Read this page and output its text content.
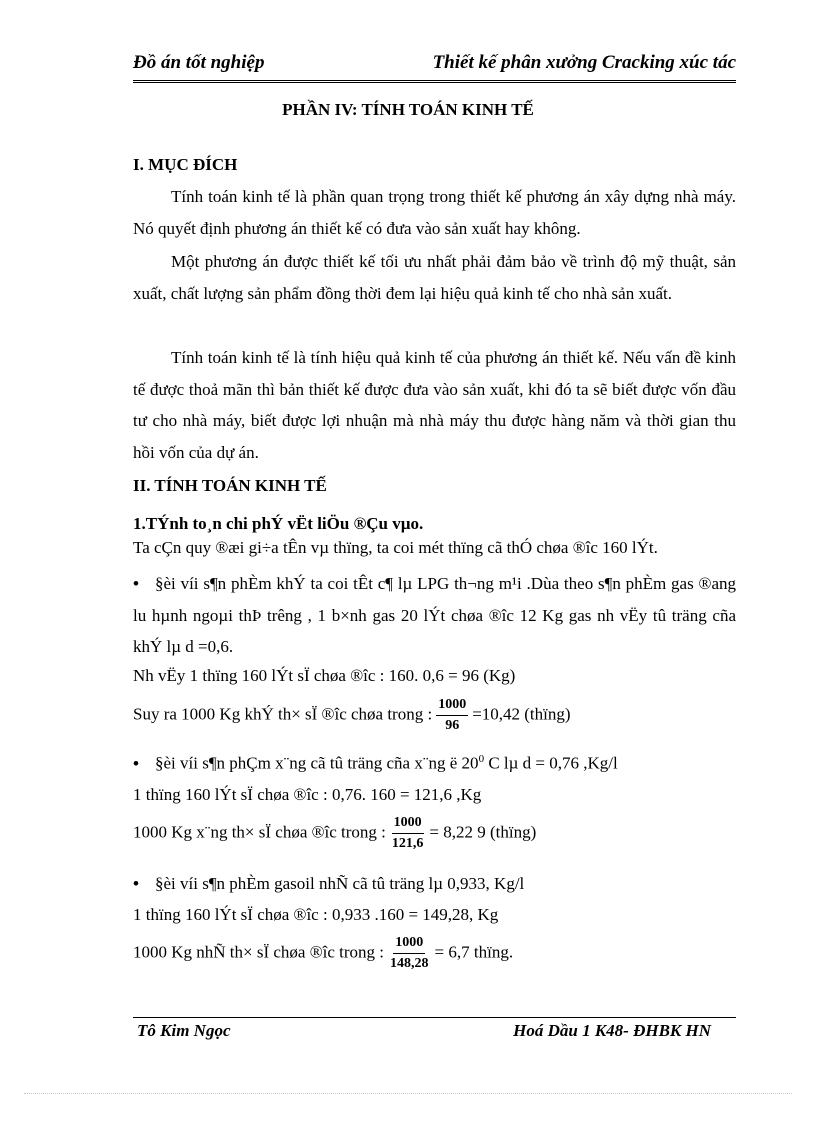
Đồ án tốt nghiệp	Thiết kế phân xưởng Cracking xúc tác
PHẦN IV: TÍNH TOÁN KINH TẾ
I. MỤC ĐÍCH
Tính toán kinh tế là phần quan trọng trong thiết kế phương án xây dựng nhà máy. Nó quyết định phương án thiết kế có đưa vào sản xuất hay không.
Một phương án được thiết kế tối ưu nhất phải đảm bảo về trình độ mỹ thuật, sản xuất, chất lượng sản phẩm đồng thời đem lại hiệu quả kinh tế cho nhà sản xuất.
Tính toán kinh tế là tính hiệu quả kinh tế của phương án thiết kế. Nếu vấn đề kinh tế được thoả mãn thì bản thiết kế được đưa vào sản xuất, khi đó ta sẽ biết được vốn đầu tư cho nhà máy, biết được lợi nhuận mà nhà máy thu được hàng năm và thời gian thu hồi vốn của dự án.
II. TÍNH TOÁN KINH TẾ
1.TÝnh to¸n chi phÝ vËt liÖu ®Çu vµo.
Ta cÇn quy ®æi gi÷a tÊn vµ thïng, ta coi mét thïng cã thÓ chøa ®îc 160 lÝt.
• §èi víi s¶n phÈm khÝ ta coi tÊt c¶ lµ LPG th¬ng m¹i .Dùa theo s¶n phÈm gas ®ang lu hµnh ngoµi thÞ trêng , 1 b×nh gas 20 lÝt chøa ®îc 12 Kg gas nh vËy tû träng cña khÝ lµ d =0,6.
Nh vËy 1 thïng 160 lÝt sÏ chøa ®îc : 160. 0,6 = 96 (Kg)
Suy ra 1000 Kg khÝ th× sÏ ®îc chøa trong : $\frac{1000}{96} =10,42$ (thïng)
• §èi víi s¶n phÇm x¨ng cã tû träng cña x¨ng ë $20^0$ C lµ d = 0,76 ,Kg/l
1 thïng 160 lÝt sÏ chøa ®îc : 0,76. 160 = 121,6 ,Kg
1000 Kg x¨ng th× sÏ chøa ®îc trong : $\frac{1000}{121,6} = 8,22$ 9 (thïng)
• §èi víi s¶n phÈm gasoil nhÑ cã tû träng lµ 0,933, Kg/l
1 thïng 160 lÝt sÏ chøa ®îc : 0,933 .160 = 149,28, Kg
1000 Kg nhÑ th× sÏ chøa ®îc trong : $\frac{1000}{148,28} = 6,7$ thïng.
Tô Kim Ngọc	Hoá Dầu 1 K48- ĐHBK HN
